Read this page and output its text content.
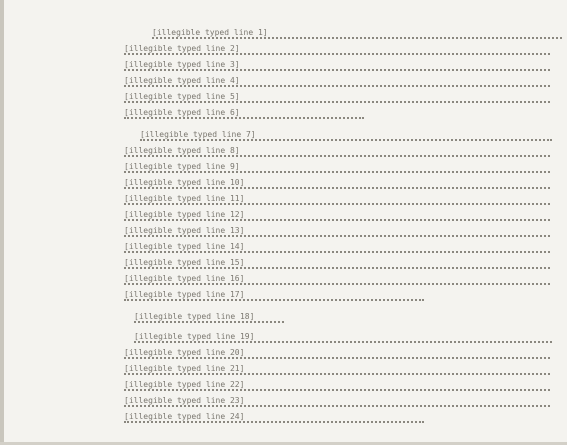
[illegible typed line 1]
[illegible typed line 2]
[illegible typed line 3]
[illegible typed line 4]
[illegible typed line 5]
[illegible typed line 6]
[illegible typed line 7]
[illegible typed line 8]
[illegible typed line 9]
[illegible typed line 10]
[illegible typed line 11]
[illegible typed line 12]
[illegible typed line 13]
[illegible typed line 14]
[illegible typed line 15]
[illegible typed line 16]
[illegible typed line 17]
[illegible typed line 18]
[illegible typed line 19]
[illegible typed line 20]
[illegible typed line 21]
[illegible typed line 22]
[illegible typed line 23]
[illegible typed line 24]
